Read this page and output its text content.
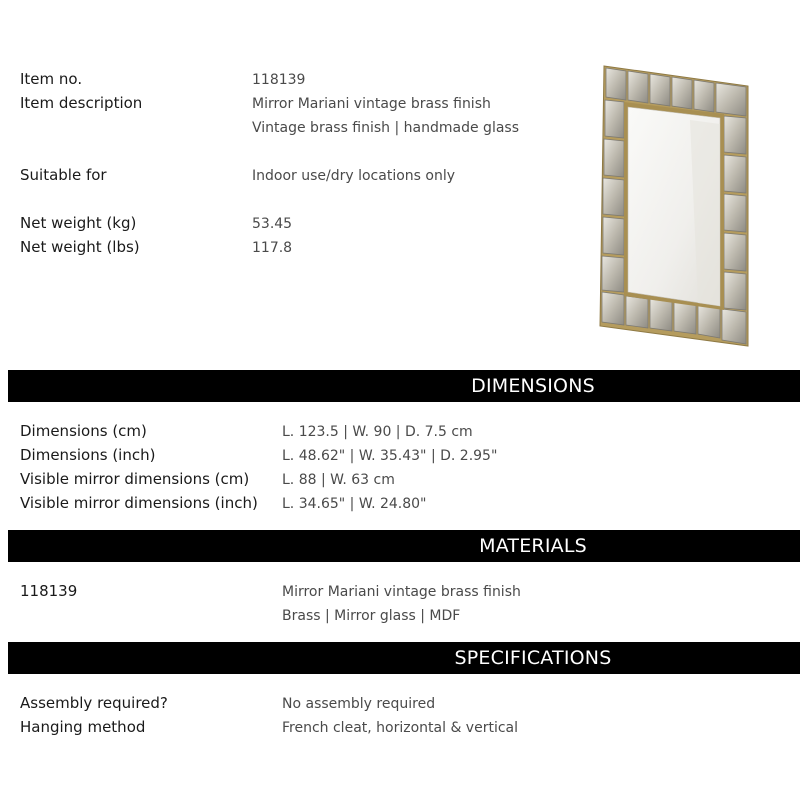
Item no.	118139
Item description	Mirror Mariani vintage brass finish
Vintage brass finish | handmade glass
Suitable for	Indoor use/dry locations only
Net weight (kg)	53.45
Net weight (lbs)	117.8
DIMENSIONS
Dimensions (cm)	L. 123.5 | W. 90 | D. 7.5 cm
Dimensions (inch)	L. 48.62" | W. 35.43" | D. 2.95"
Visible mirror dimensions (cm) L. 88 | W. 63 cm
Visible mirror dimensions (inch) L. 34.65" | W. 24.80"
MATERIALS
118139	Mirror Mariani vintage brass finish
Brass | Mirror glass | MDF
SPECIFICATIONS
Assembly required?	No assembly required
Hanging method	French cleat, horizontal & vertical
